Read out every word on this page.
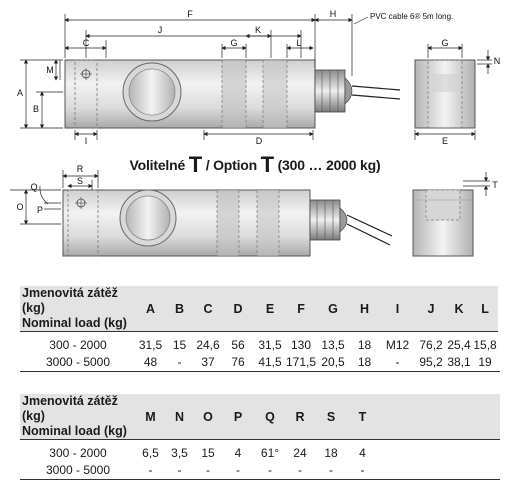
F	H
J
C	G
K
L
A
B
M
I	D
PVC cable 6® 5m long.
G
E
N
O
T
P
Q
R
S
Volitelné T / Option T (300 … 2000 kg)
Jmenovitá zátěž (kg)
Nominal load (kg)	A	B	C	D	E	F	G	H	I	J	K	L
300 - 2000	31,5	15	24,6	56	31,5	130	13,5	18	M12	76,2	25,4	15,8
3000 - 5000	48	-	37	76	41,5	171,5	20,5	18	-	95,2	38,1	19
Jmenovitá zátěž (kg)
Nominal load (kg)	M	N	O	P	Q	R	S	T	
300 - 2000	6,5	3,5	15	4	61°	24	18	4	
3000 - 5000	-	-	-	-	-	-	-	-	
